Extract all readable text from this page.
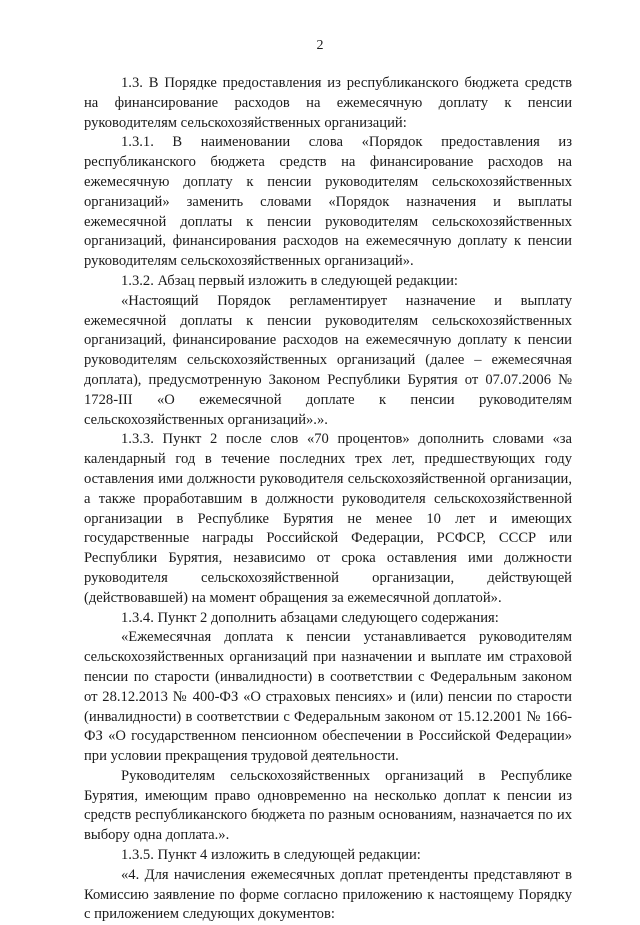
2

1.3. В Порядке предоставления из республиканского бюджета средств на финансирование расходов на ежемесячную доплату к пенсии руководителям сельскохозяйственных организаций:

1.3.1. В наименовании слова «Порядок предоставления из республиканского бюджета средств на финансирование расходов на ежемесячную доплату к пенсии руководителям сельскохозяйственных организаций» заменить словами «Порядок назначения и выплаты ежемесячной доплаты к пенсии руководителям сельскохозяйственных организаций, финансирования расходов на ежемесячную доплату к пенсии руководителям сельскохозяйственных организаций».

1.3.2. Абзац первый изложить в следующей редакции:

«Настоящий Порядок регламентирует назначение и выплату ежемесячной доплаты к пенсии руководителям сельскохозяйственных организаций, финансирование расходов на ежемесячную доплату к пенсии руководителям сельскохозяйственных организаций (далее – ежемесячная доплата), предусмотренную Законом Республики Бурятия от 07.07.2006 № 1728-III «О ежемесячной доплате к пенсии руководителям сельскохозяйственных организаций».».

1.3.3. Пункт 2 после слов «70 процентов» дополнить словами «за календарный год в течение последних трех лет, предшествующих году оставления ими должности руководителя сельскохозяйственной организации, а также проработавшим в должности руководителя сельскохозяйственной организации в Республике Бурятия не менее 10 лет и имеющих государственные награды Российской Федерации, РСФСР, СССР или Республики Бурятия, независимо от срока оставления ими должности руководителя сельскохозяйственной организации, действующей (действовавшей) на момент обращения за ежемесячной доплатой».

1.3.4. Пункт 2 дополнить абзацами следующего содержания:

«Ежемесячная доплата к пенсии устанавливается руководителям сельскохозяйственных организаций при назначении и выплате им страховой пенсии по старости (инвалидности) в соответствии с Федеральным законом от 28.12.2013 № 400-ФЗ «О страховых пенсиях» и (или) пенсии по старости (инвалидности) в соответствии с Федеральным законом от 15.12.2001 № 166-ФЗ «О государственном пенсионном обеспечении в Российской Федерации» при условии прекращения трудовой деятельности.

Руководителям сельскохозяйственных организаций в Республике Бурятия, имеющим право одновременно на несколько доплат к пенсии из средств республиканского бюджета по разным основаниям, назначается по их выбору одна доплата.».

1.3.5. Пункт 4 изложить в следующей редакции:

«4. Для начисления ежемесячных доплат претенденты представляют в Комиссию заявление по форме согласно приложению к настоящему Порядку с приложением следующих документов:
